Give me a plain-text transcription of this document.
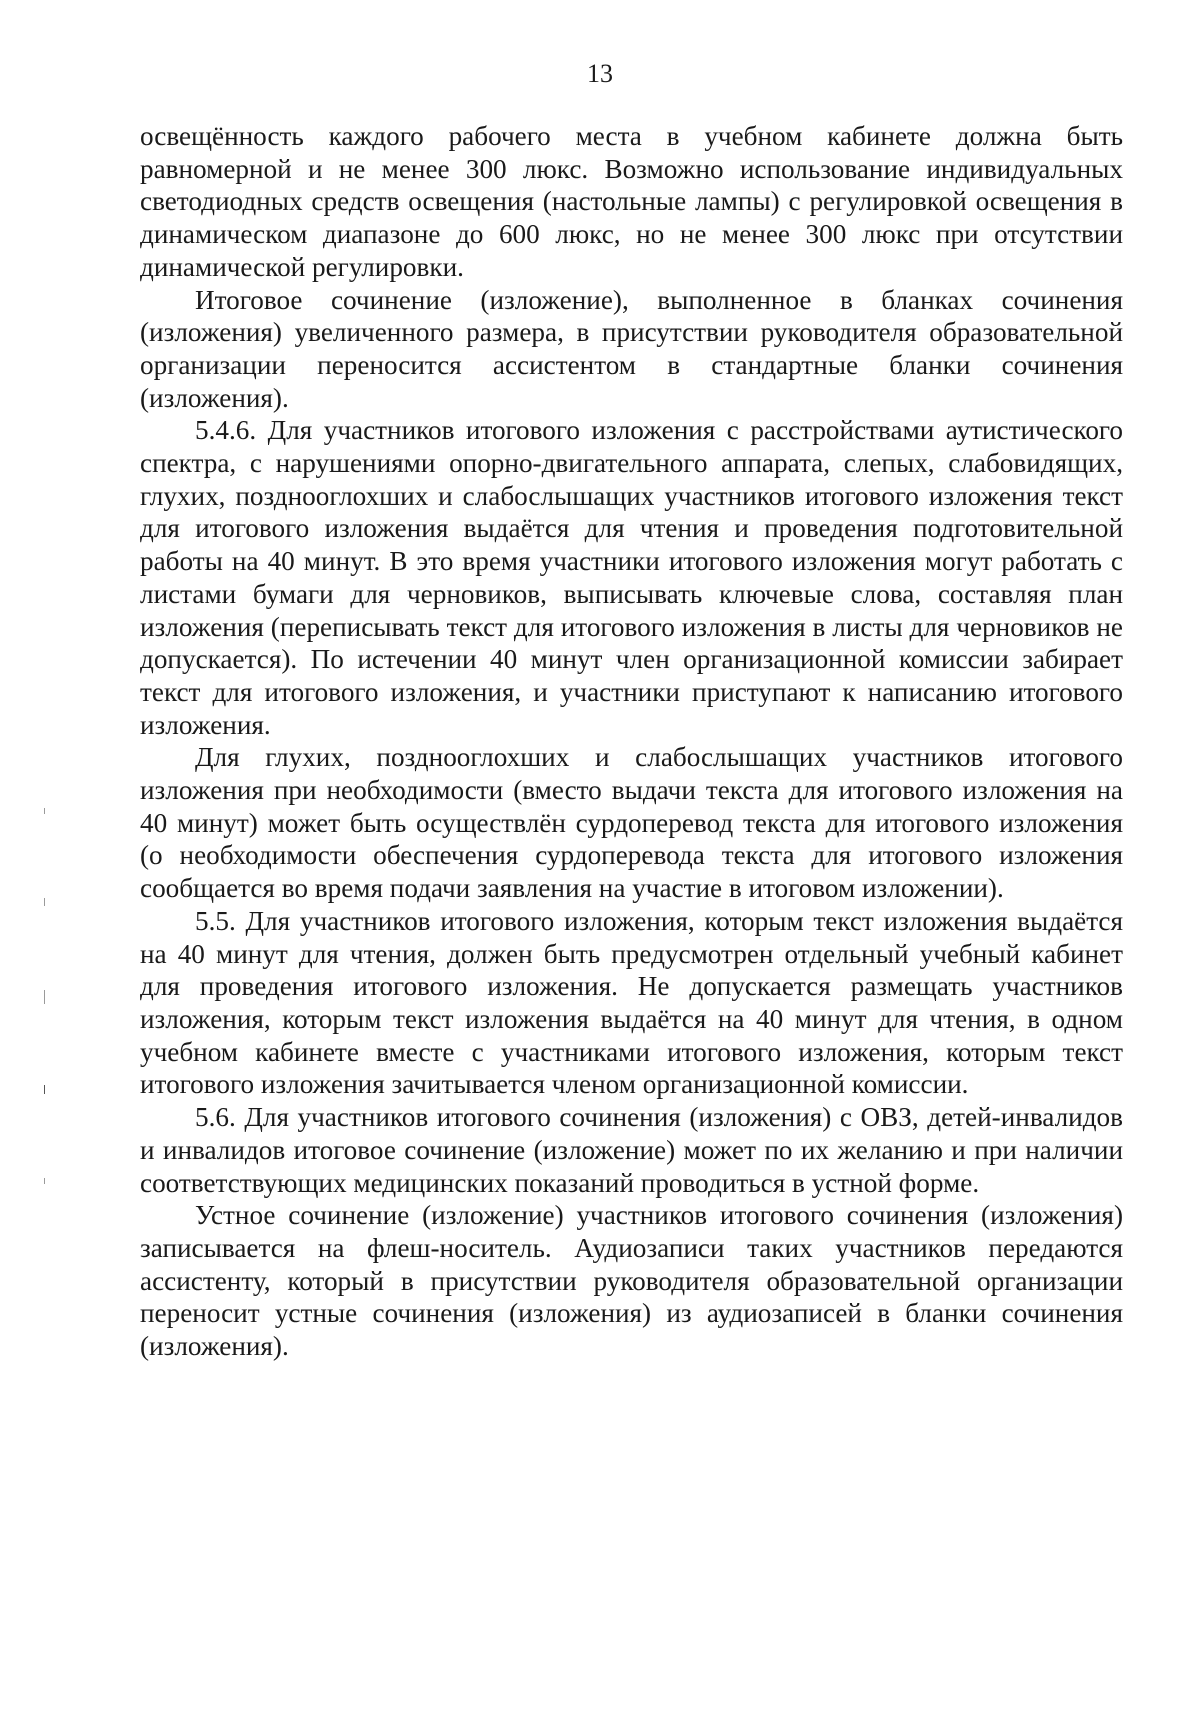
13

освещённость каждого рабочего места в учебном кабинете должна быть равномерной и не менее 300 люкс. Возможно использование индивидуальных светодиодных средств освещения (настольные лампы) с регулировкой освещения в динамическом диапазоне до 600 люкс, но не менее 300 люкс при отсутствии динамической регулировки.

Итоговое сочинение (изложение), выполненное в бланках сочинения (изложения) увеличенного размера, в присутствии руководителя образовательной организации переносится ассистентом в стандартные бланки сочинения (изложения).

5.4.6. Для участников итогового изложения с расстройствами аутистического спектра, с нарушениями опорно-двигательного аппарата, слепых, слабовидящих, глухих, позднооглохших и слабослышащих участников итогового изложения текст для итогового изложения выдаётся для чтения и проведения подготовительной работы на 40 минут. В это время участники итогового изложения могут работать с листами бумаги для черновиков, выписывать ключевые слова, составляя план изложения (переписывать текст для итогового изложения в листы для черновиков не допускается). По истечении 40 минут член организационной комиссии забирает текст для итогового изложения, и участники приступают к написанию итогового изложения.

Для глухих, позднооглохших и слабослышащих участников итогового изложения при необходимости (вместо выдачи текста для итогового изложения на 40 минут) может быть осуществлён сурдоперевод текста для итогового изложения (о необходимости обеспечения сурдоперевода текста для итогового изложения сообщается во время подачи заявления на участие в итоговом изложении).

5.5. Для участников итогового изложения, которым текст изложения выдаётся на 40 минут для чтения, должен быть предусмотрен отдельный учебный кабинет для проведения итогового изложения. Не допускается размещать участников изложения, которым текст изложения выдаётся на 40 минут для чтения, в одном учебном кабинете вместе с участниками итогового изложения, которым текст итогового изложения зачитывается членом организационной комиссии.

5.6. Для участников итогового сочинения (изложения) с ОВЗ, детей-инвалидов и инвалидов итоговое сочинение (изложение) может по их желанию и при наличии соответствующих медицинских показаний проводиться в устной форме.

Устное сочинение (изложение) участников итогового сочинения (изложения) записывается на флеш-носитель. Аудиозаписи таких участников передаются ассистенту, который в присутствии руководителя образовательной организации переносит устные сочинения (изложения) из аудиозаписей в бланки сочинения (изложения).
